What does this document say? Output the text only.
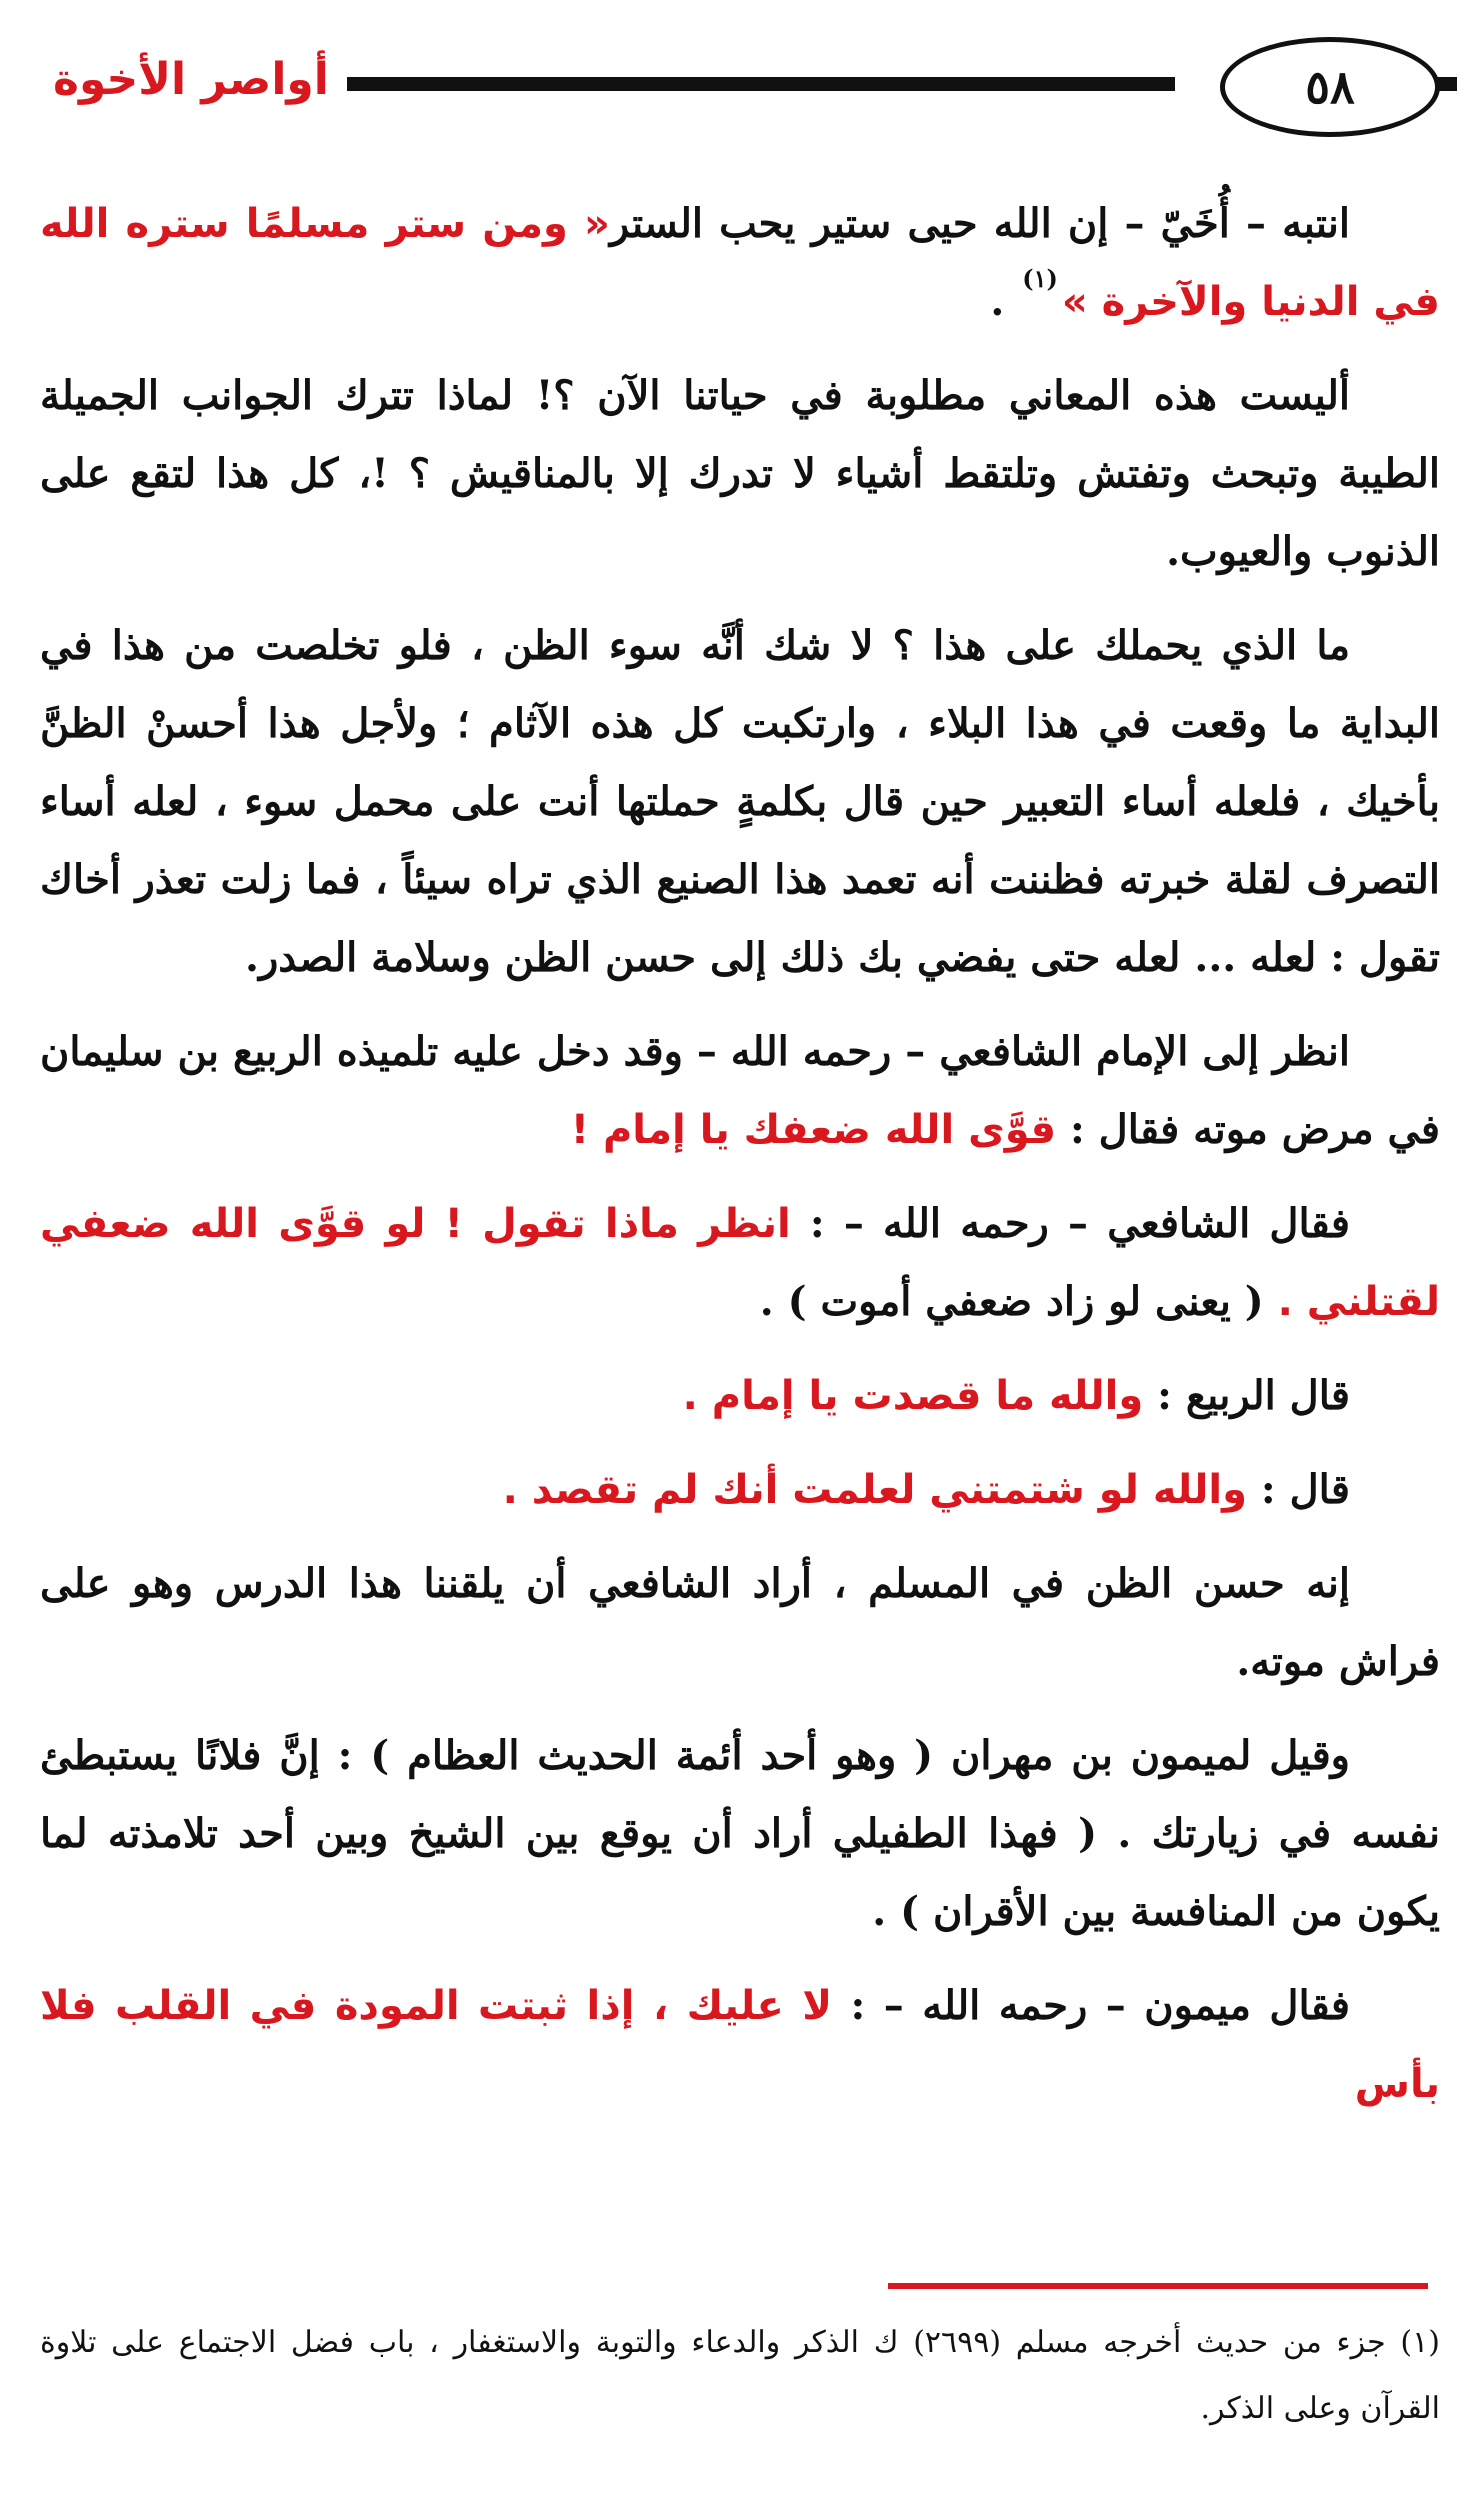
أواصر الأخوة	٥٨

انتبه – أُخَيّ – إن الله حيى ستير يحب الستر« ومن ستر مسلمًا ستره الله في الدنيا والآخرة »$^{(١)}$ .

أليست هذه المعاني مطلوبة في حياتنا الآن ؟! لماذا تترك الجوانب الجميلة الطيبة وتبحث وتفتش وتلتقط أشياء لا تدرك إلا بالمناقيش ؟ !، كل هذا لتقع على الذنوب والعيوب.

ما الذي يحملك على هذا ؟ لا شك أنَّه سوء الظن ، فلو تخلصت من هذا في البداية ما وقعت في هذا البلاء ، وارتكبت كل هذه الآثام ؛ ولأجل هذا أحسنْ الظنَّ بأخيك ، فلعله أساء التعبير حين قال بكلمةٍ حملتها أنت على محمل سوء ، لعله أساء التصرف لقلة خبرته فظننت أنه تعمد هذا الصنيع الذي تراه سيئاً ، فما زلت تعذر أخاك تقول : لعله ... لعله حتى يفضي بك ذلك إلى حسن الظن وسلامة الصدر.

انظر إلى الإمام الشافعي – رحمه الله – وقد دخل عليه تلميذه الربيع بن سليمان في مرض موته فقال : قوَّى الله ضعفك يا إمام !

فقال الشافعي – رحمه الله – : انظر ماذا تقول ! لو قوَّى الله ضعفي لقتلني . ( يعنى لو زاد ضعفي أموت ) .

قال الربيع : والله ما قصدت يا إمام .

قال : والله لو شتمتني لعلمت أنك لم تقصد .

إنه حسن الظن في المسلم ، أراد الشافعي أن يلقننا هذا الدرس وهو على فراش موته.

وقيل لميمون بن مهران ( وهو أحد أئمة الحديث العظام ) : إنَّ فلانًا يستبطئ نفسه في زيارتك . ( فهذا الطفيلي أراد أن يوقع بين الشيخ وبين أحد تلامذته لما يكون من المنافسة بين الأقران ) .

فقال ميمون – رحمه الله – : لا عليك ، إذا ثبتت المودة في القلب فلا بأس

(١) جزء من حديث أخرجه مسلم (٢٦٩٩) ك الذكر والدعاء والتوبة والاستغفار ، باب فضل الاجتماع على تلاوة القرآن وعلى الذكر.
